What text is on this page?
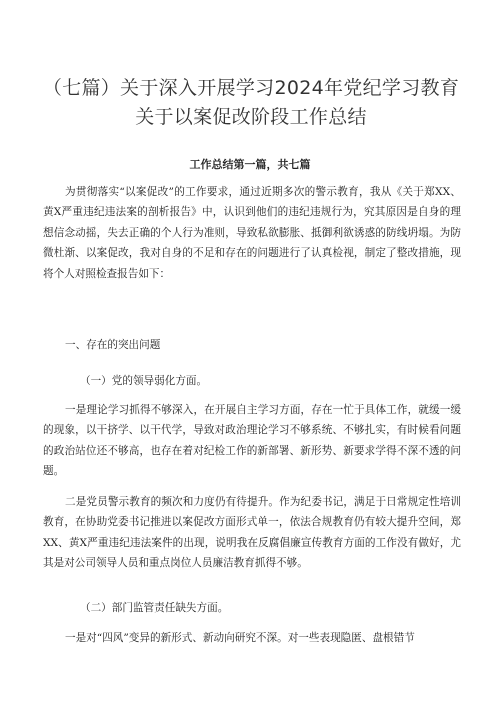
（七篇）关于深入开展学习2024年党纪学习教育关于以案促改阶段工作总结
工作总结第一篇，共七篇
为贯彻落实“以案促改”的工作要求，通过近期多次的警示教育，我从《关于郑XX、黄X严重违纪违法案的剖析报告》中，认识到他们的违纪违规行为，究其原因是自身的理想信念动摇，失去正确的个人行为准则，导致私欲膨胀、抵御利欲诱惑的防线坍塌。为防微杜渐、以案促改，我对自身的不足和存在的问题进行了认真检视，制定了整改措施，现将个人对照检查报告如下：
一、存在的突出问题
（一）党的领导弱化方面。
一是理论学习抓得不够深入，在开展自主学习方面，存在一忙于具体工作，就缓一缓的现象，以干挤学、以干代学，导致对政治理论学习不够系统、不够扎实，有时候看问题的政治站位还不够高，也存在着对纪检工作的新部署、新形势、新要求学得不深不透的问题。
二是党员警示教育的频次和力度仍有待提升。作为纪委书记，满足于日常规定性培训教育，在协助党委书记推进以案促改方面形式单一，依法合规教育仍有较大提升空间，郑XX、黄X严重违纪违法案件的出现，说明我在反腐倡廉宣传教育方面的工作没有做好，尤其是对公司领导人员和重点岗位人员廉洁教育抓得不够。
（二）部门监管责任缺失方面。
一是对“四风”变异的新形式、新动向研究不深。对一些表现隐匿、盘根错节
